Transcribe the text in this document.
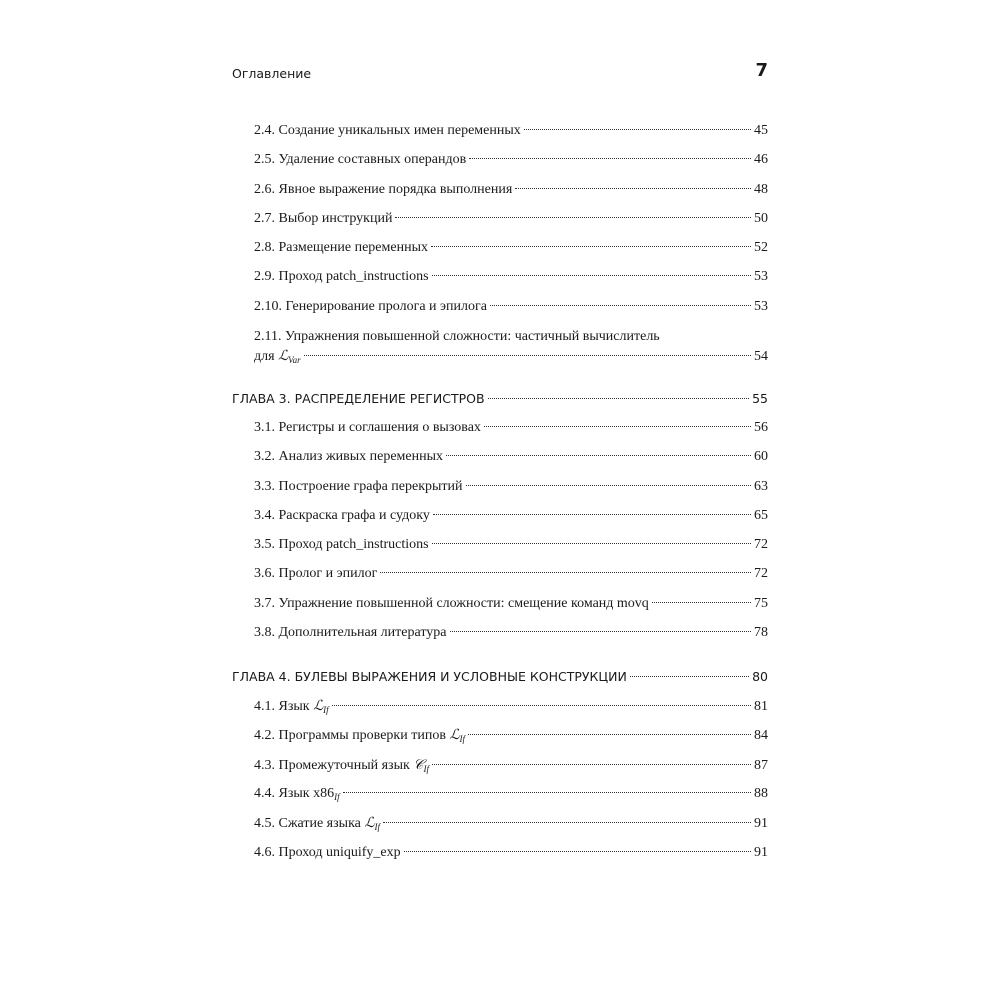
Оглавление	7
2.4. Создание уникальных имен переменных	45
2.5. Удаление составных операндов	46
2.6. Явное выражение порядка выполнения	48
2.7. Выбор инструкций	50
2.8. Размещение переменных	52
2.9. Проход patch_instructions	53
2.10. Генерирование пролога и эпилога	53
2.11. Упражнения повышенной сложности: частичный вычислитель
для ℒ$_{Var}$	54
ГЛАВА 3. РАСПРЕДЕЛЕНИЕ РЕГИСТРОВ	55
3.1. Регистры и соглашения о вызовах	56
3.2. Анализ живых переменных	60
3.3. Построение графа перекрытий	63
3.4. Раскраска графа и судоку	65
3.5. Проход patch_instructions	72
3.6. Пролог и эпилог	72
3.7. Упражнение повышенной сложности: смещение команд movq	75
3.8. Дополнительная литература	78
ГЛАВА 4. БУЛЕВЫ ВЫРАЖЕНИЯ И УСЛОВНЫЕ КОНСТРУКЦИИ	80
4.1. Язык ℒ$_{If}$	81
4.2. Программы проверки типов ℒ$_{If}$	84
4.3. Промежуточный язык 𝒞$_{If}$	87
4.4. Язык $x86_{If}$	88
4.5. Сжатие языка ℒ$_{If}$	91
4.6. Проход uniquify_exp	91
